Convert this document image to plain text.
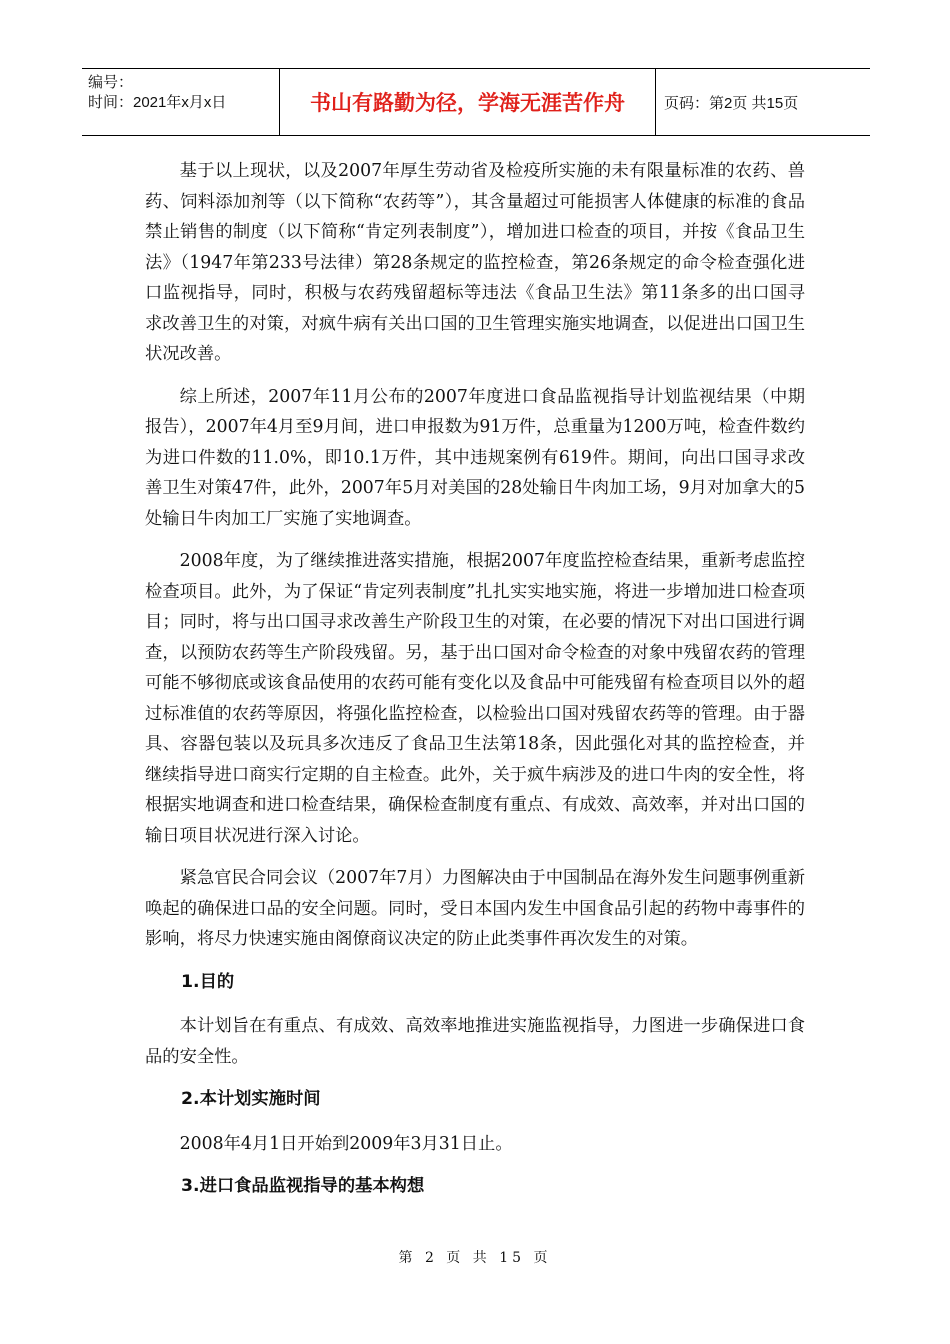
编号：
时间：2021年x月x日	书山有路勤为径，学海无涯苦作舟	页码：第2页 共15页

基于以上现状，以及2007年厚生劳动省及检疫所实施的未有限量标准的农药、兽药、饲料添加剂等（以下简称“农药等”），其含量超过可能损害人体健康的标准的食品禁止销售的制度（以下简称“肯定列表制度”），增加进口检查的项目，并按《食品卫生法》（1947年第233号法律）第28条规定的监控检查，第26条规定的命令检查强化进口监视指导，同时，积极与农药残留超标等违法《食品卫生法》第11条多的出口国寻求改善卫生的对策，对疯牛病有关出口国的卫生管理实施实地调查，以促进出口国卫生状况改善。

综上所述，2007年11月公布的2007年度进口食品监视指导计划监视结果（中期报告），2007年4月至9月间，进口申报数为91万件，总重量为1200万吨，检查件数约为进口件数的11.0%，即10.1万件，其中违规案例有619件。期间，向出口国寻求改善卫生对策47件，此外，2007年5月对美国的28处输日牛肉加工场，9月对加拿大的5处输日牛肉加工厂实施了实地调查。

2008年度，为了继续推进落实措施，根据2007年度监控检查结果，重新考虑监控检查项目。此外，为了保证“肯定列表制度”扎扎实实地实施，将进一步增加进口检查项目；同时，将与出口国寻求改善生产阶段卫生的对策，在必要的情况下对出口国进行调查，以预防农药等生产阶段残留。另，基于出口国对命令检查的对象中残留农药的管理可能不够彻底或该食品使用的农药可能有变化以及食品中可能残留有检查项目以外的超过标准值的农药等原因，将强化监控检查，以检验出口国对残留农药等的管理。由于器具、容器包装以及玩具多次违反了食品卫生法第18条，因此强化对其的监控检查，并继续指导进口商实行定期的自主检查。此外，关于疯牛病涉及的进口牛肉的安全性，将根据实地调查和进口检查结果，确保检查制度有重点、有成效、高效率，并对出口国的输日项目状况进行深入讨论。

紧急官民合同会议（2007年7月）力图解决由于中国制品在海外发生问题事例重新唤起的确保进口品的安全问题。同时，受日本国内发生中国食品引起的药物中毒事件的影响，将尽力快速实施由阁僚商议决定的防止此类事件再次发生的对策。

1.目的

本计划旨在有重点、有成效、高效率地推进实施监视指导，力图进一步确保进口食品的安全性。

2.本计划实施时间

2008年4月1日开始到2009年3月31日止。

3.进口食品监视指导的基本构想
第 2 页 共 15 页
